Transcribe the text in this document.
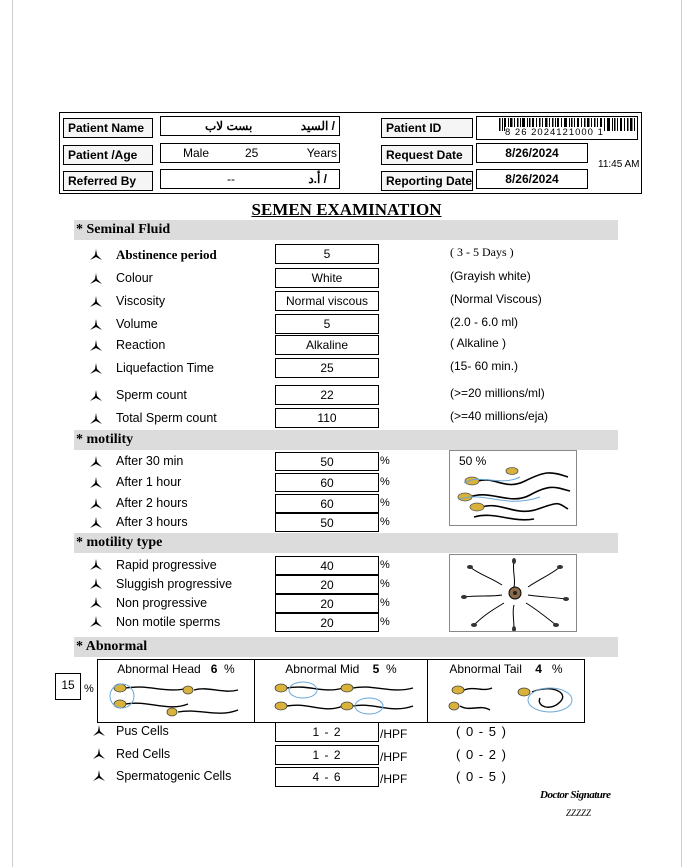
Patient Name	بست لاب	السيد /
Patient /Age	Male	25	Years
Referred By	--	أ.د /
Patient ID	8 26 2024121000 1
Request Date	8/26/2024
Reporting Date	8/26/2024
11:45 AM
SEMEN EXAMINATION
* Seminal Fluid
Abstinence period	5	( 3 - 5 Days )
Colour	White	(Grayish white)
Viscosity	Normal viscous	(Normal Viscous)
Volume	5	(2.0 - 6.0 ml)
Reaction	Alkaline	( Alkaline )
Liquefaction Time	25	(15- 60 min.)
Sperm count	22	(>=20 millions/ml)
Total Sperm count	110	(>=40 millions/eja)
* motility
After 30 min	50	%
After 1 hour	60	%
After 2 hours	60	%
After 3 hours	50	%
50 %
* motility type
Rapid progressive	40	%
Sluggish progressive	20	%
Non progressive	20	%
Non motile sperms	20	%
* Abnormal
15 %
Abnormal Head 6 %	Abnormal Mid 5 %	Abnormal Tail 4 %
Pus Cells	1 - 2	/HPF	( 0 - 5 )
Red Cells	1 - 2	/HPF	( 0 - 2 )
Spermatogenic Cells	4 - 6	/HPF	( 0 - 5 )
Doctor Signature
ZZZZZ
